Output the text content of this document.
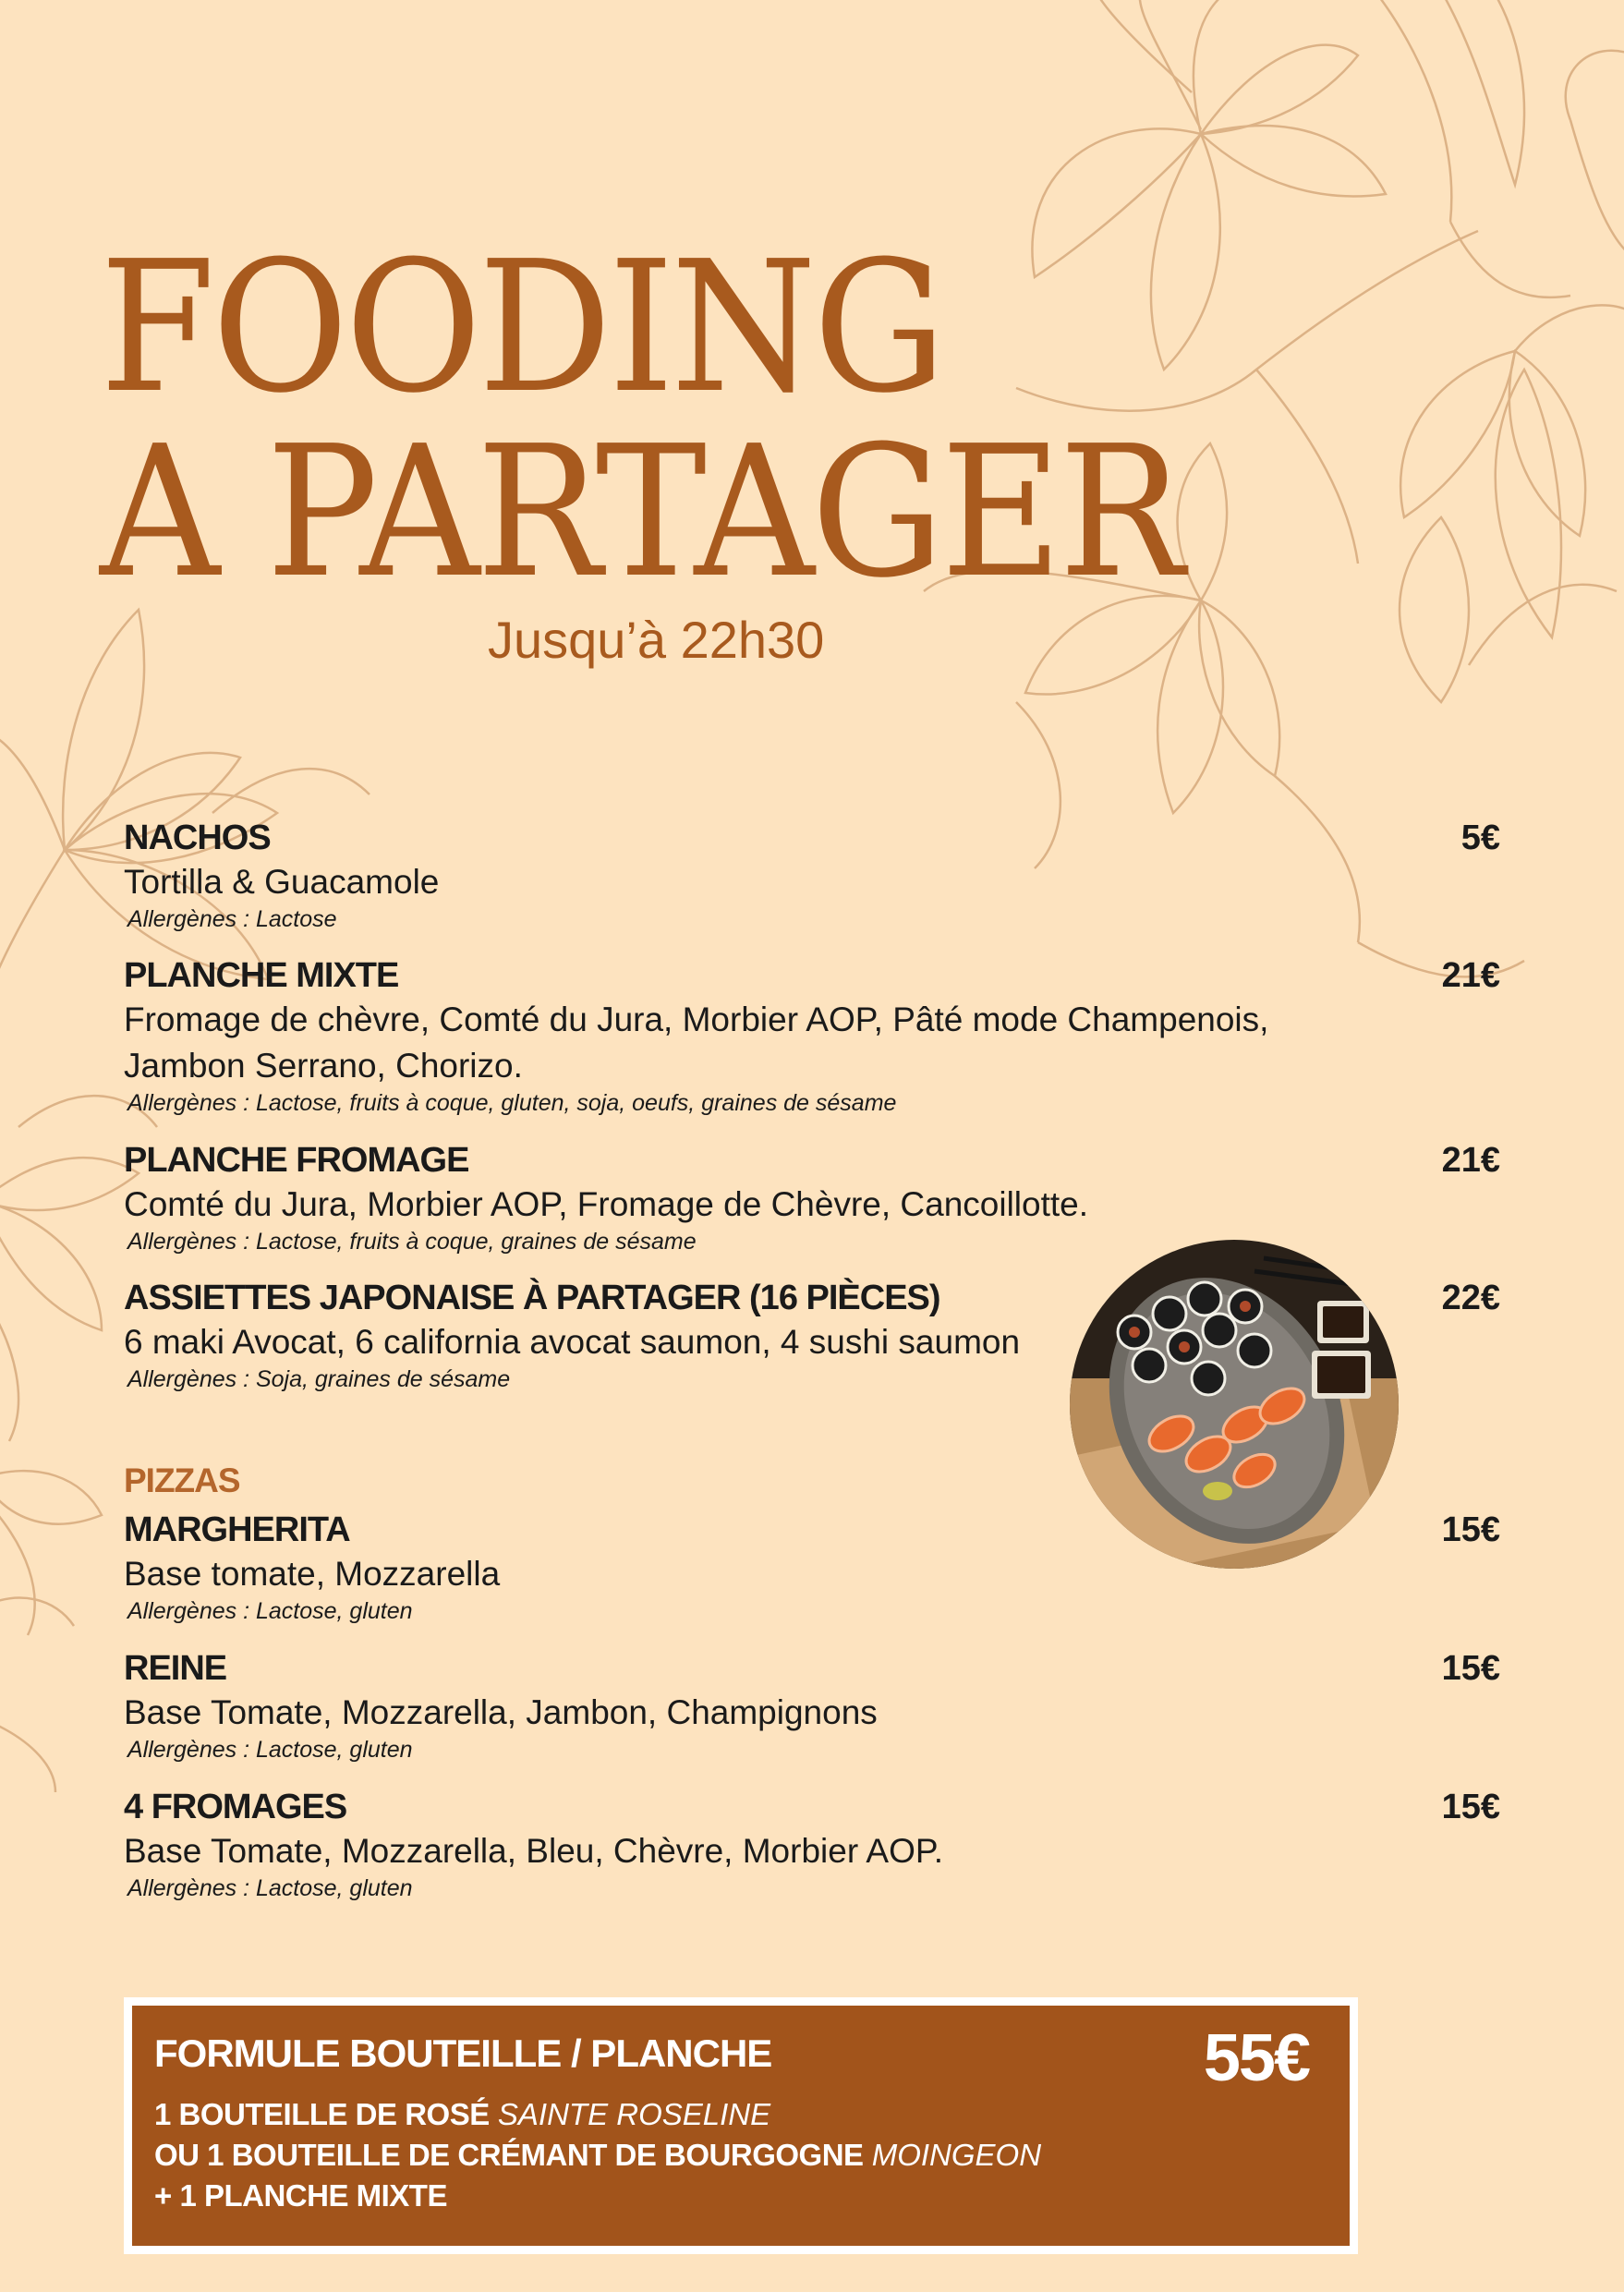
FOODING
A PARTAGER
Jusqu’à 22h30
NACHOS	5€
Tortilla & Guacamole
Allergènes : Lactose
PLANCHE MIXTE	21€
Fromage de chèvre, Comté du Jura, Morbier AOP, Pâté mode Champenois, Jambon Serrano, Chorizo.
Allergènes : Lactose, fruits à coque, gluten, soja, oeufs, graines de sésame
PLANCHE FROMAGE	21€
Comté du Jura, Morbier AOP, Fromage de Chèvre, Cancoillotte.
Allergènes : Lactose, fruits à coque, graines de sésame
ASSIETTES JAPONAISE À PARTAGER (16 PIÈCES)	22€
6 maki Avocat, 6 california avocat saumon, 4 sushi saumon
Allergènes : Soja, graines de sésame
PIZZAS
MARGHERITA	15€
Base tomate, Mozzarella
Allergènes : Lactose, gluten
REINE	15€
Base Tomate, Mozzarella, Jambon, Champignons
Allergènes : Lactose, gluten
4 FROMAGES	15€
Base Tomate, Mozzarella, Bleu, Chèvre, Morbier AOP.
Allergènes : Lactose, gluten
FORMULE BOUTEILLE / PLANCHE	55€
1 BOUTEILLE DE ROSÉ SAINTE ROSELINE
OU 1 BOUTEILLE DE CRÉMANT DE BOURGOGNE MOINGEON
+ 1 PLANCHE MIXTE
